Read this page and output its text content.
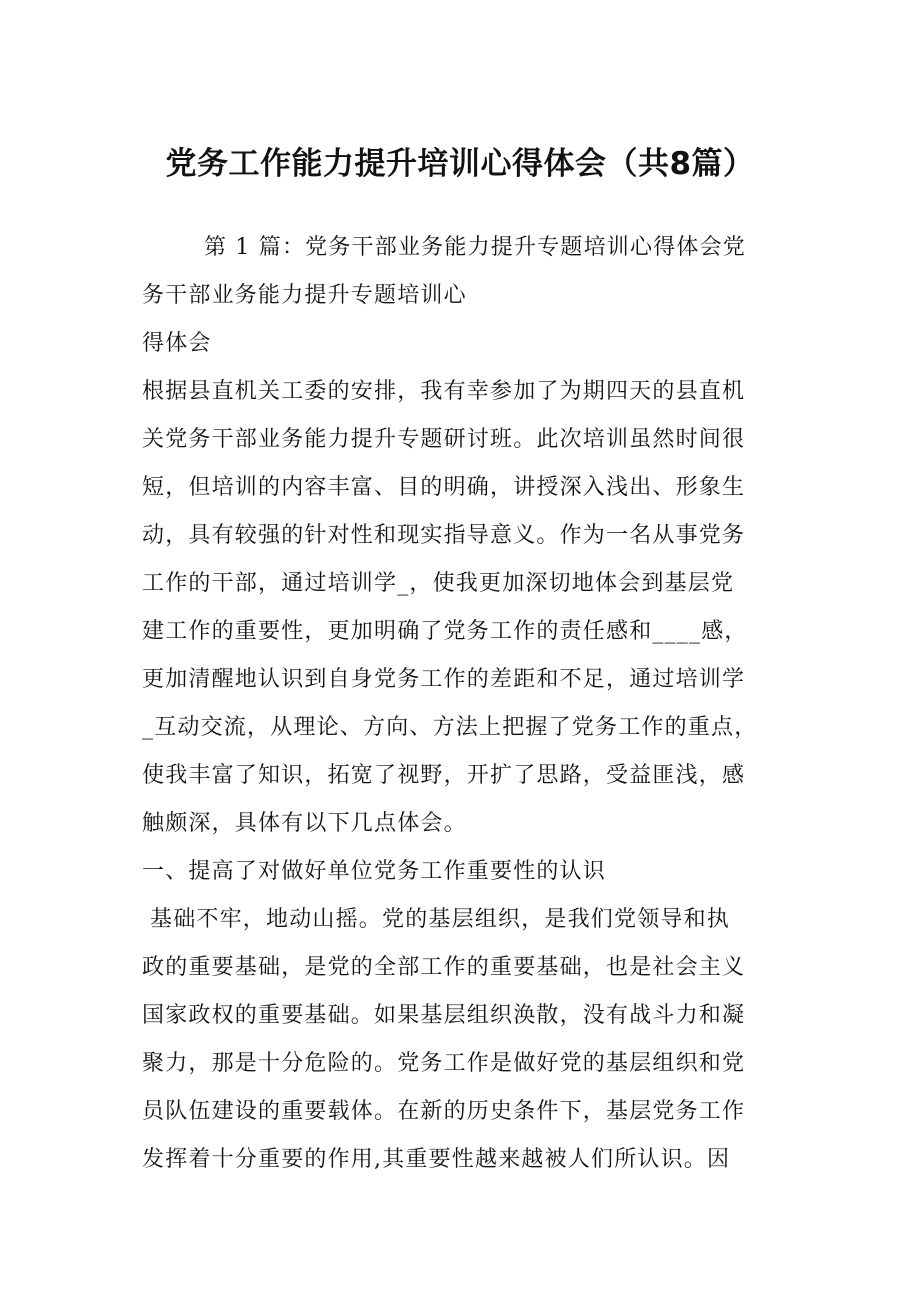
党务工作能力提升培训心得体会（共8篇）
第 1 篇：党务干部业务能力提升专题培训心得体会党
务干部业务能力提升专题培训心
得体会
根据县直机关工委的安排，我有幸参加了为期四天的县直机
关党务干部业务能力提升专题研讨班。此次培训虽然时间很
短，但培训的内容丰富、目的明确，讲授深入浅出、形象生
动，具有较强的针对性和现实指导意义。作为一名从事党务
工作的干部，通过培训学_，使我更加深切地体会到基层党
建工作的重要性，更加明确了党务工作的责任感和____感，
更加清醒地认识到自身党务工作的差距和不足，通过培训学
_互动交流，从理论、方向、方法上把握了党务工作的重点，
使我丰富了知识，拓宽了视野，开扩了思路，受益匪浅，感
触颇深，具体有以下几点体会。
一、提高了对做好单位党务工作重要性的认识
基础不牢，地动山摇。党的基层组织，是我们党领导和执
政的重要基础，是党的全部工作的重要基础，也是社会主义
国家政权的重要基础。如果基层组织涣散，没有战斗力和凝
聚力，那是十分危险的。党务工作是做好党的基层组织和党
员队伍建设的重要载体。在新的历史条件下，基层党务工作
发挥着十分重要的作用,其重要性越来越被人们所认识。因
